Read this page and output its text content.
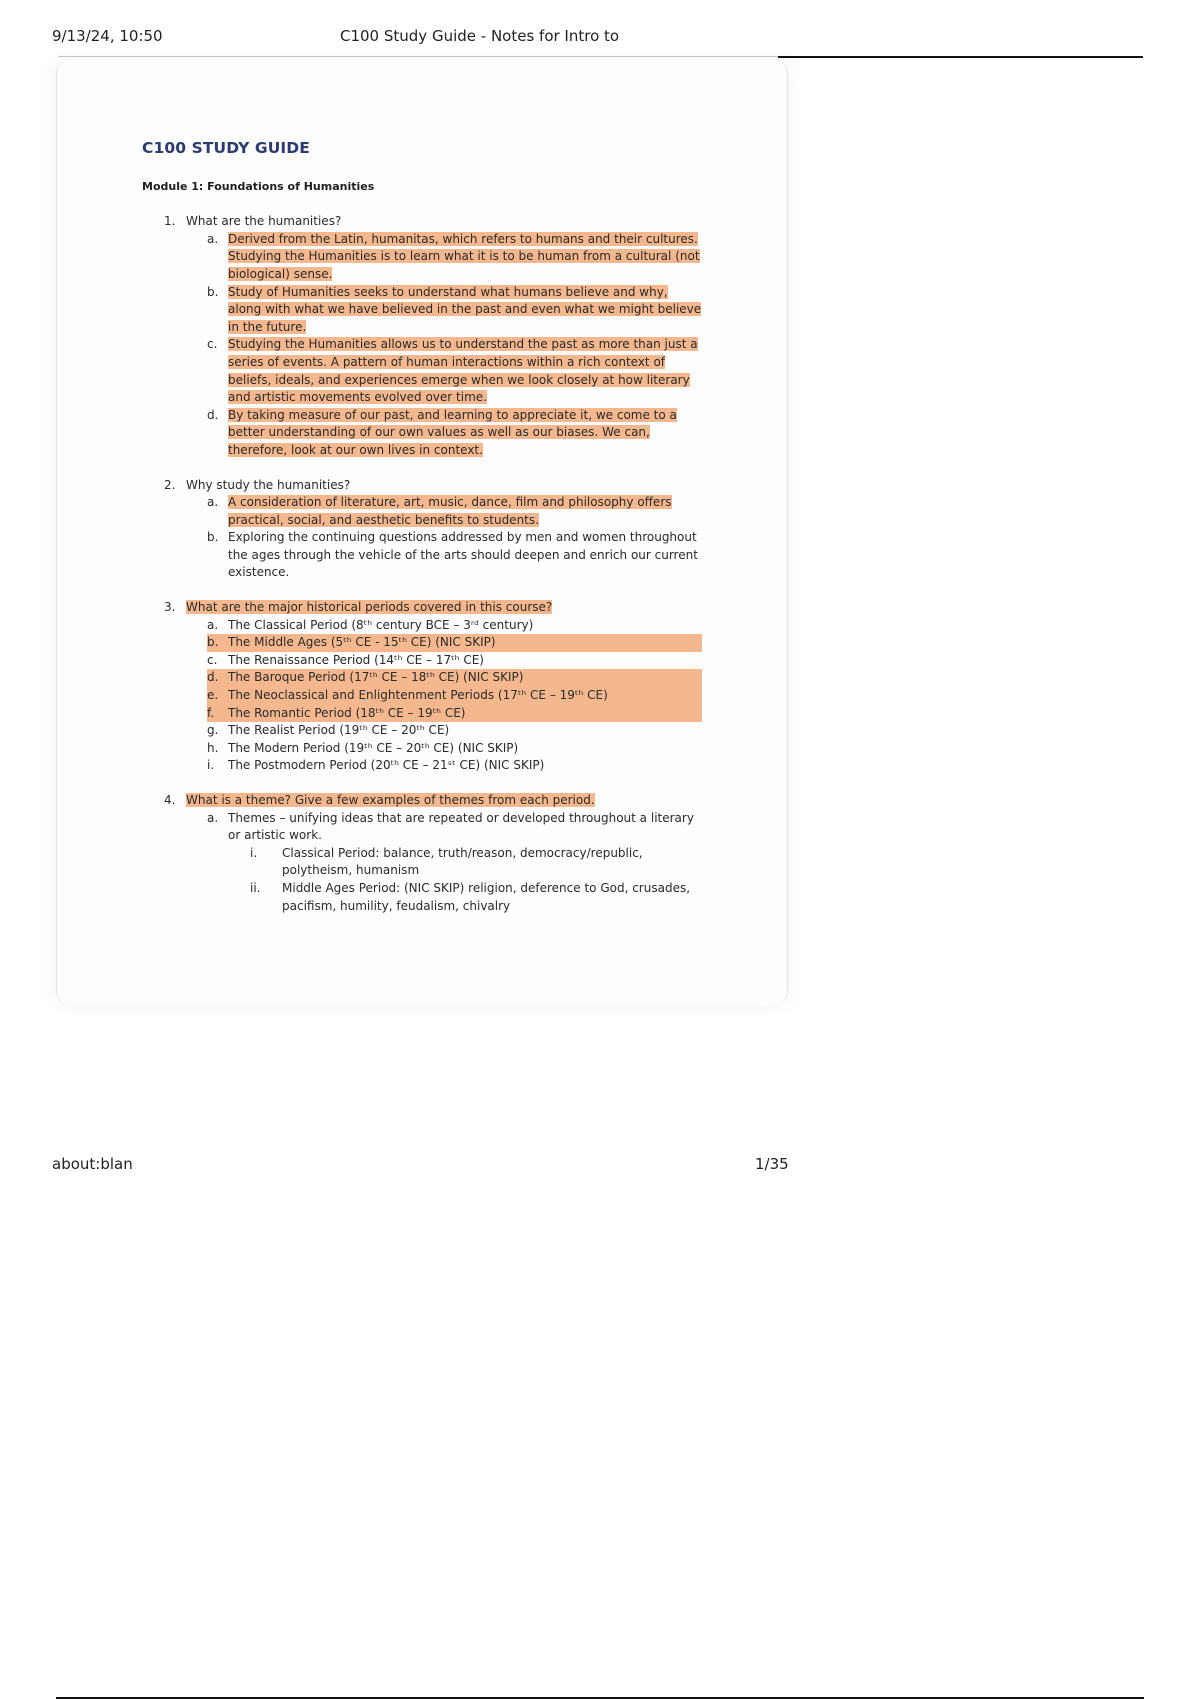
9/13/24, 10:50	C100 Study Guide - Notes for Intro to
C100 STUDY GUIDE
Module 1: Foundations of Humanities
1. What are the humanities?
a. Derived from the Latin, humanitas, which refers to humans and their cultures. Studying the Humanities is to learn what it is to be human from a cultural (not biological) sense.
b. Study of Humanities seeks to understand what humans believe and why, along with what we have believed in the past and even what we might believe in the future.
c. Studying the Humanities allows us to understand the past as more than just a series of events. A pattern of human interactions within a rich context of beliefs, ideals, and experiences emerge when we look closely at how literary and artistic movements evolved over time.
d. By taking measure of our past, and learning to appreciate it, we come to a better understanding of our own values as well as our biases. We can, therefore, look at our own lives in context.
2. Why study the humanities?
a. A consideration of literature, art, music, dance, film and philosophy offers practical, social, and aesthetic benefits to students.
b. Exploring the continuing questions addressed by men and women throughout the ages through the vehicle of the arts should deepen and enrich our current existence.
3. What are the major historical periods covered in this course?
a. The Classical Period (8ᵗʰ century BCE – 3ʳᵈ century)
b. The Middle Ages (5ᵗʰ CE - 15ᵗʰ CE) (NIC SKIP)
c. The Renaissance Period (14ᵗʰ CE – 17ᵗʰ CE)
d. The Baroque Period (17ᵗʰ CE – 18ᵗʰ CE) (NIC SKIP)
e. The Neoclassical and Enlightenment Periods (17ᵗʰ CE – 19ᵗʰ CE)
f.	The Romantic Period (18ᵗʰ CE – 19ᵗʰ CE)
g. The Realist Period (19ᵗʰ CE – 20ᵗʰ CE)
h. The Modern Period (19ᵗʰ CE – 20ᵗʰ CE) (NIC SKIP)
i.	The Postmodern Period (20ᵗʰ CE – 21ˢᵗ CE) (NIC SKIP)
4. What is a theme? Give a few examples of themes from each period.
a. Themes – unifying ideas that are repeated or developed throughout a literary or artistic work.
i.	Classical Period: balance, truth/reason, democracy/republic, polytheism, humanism
ii.	Middle Ages Period: (NIC SKIP) religion, deference to God, crusades, pacifism, humility, feudalism, chivalry
about:blan	1/35
